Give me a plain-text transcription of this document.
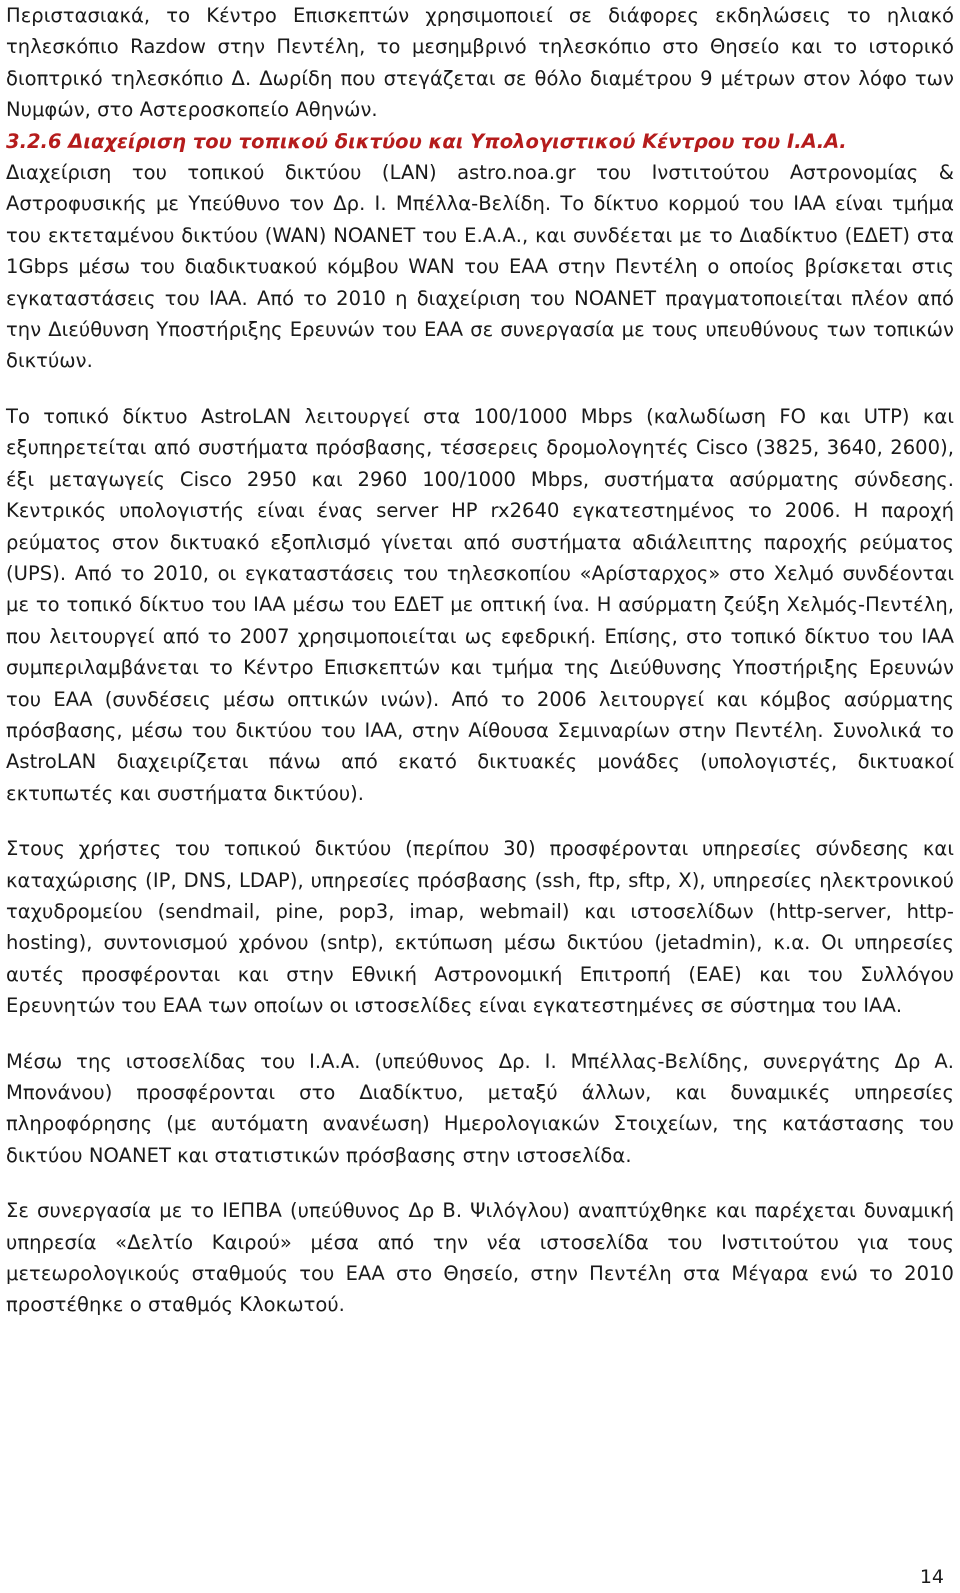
Περιστασιακά, το Κέντρο Επισκεπτών χρησιμοποιεί σε διάφορες εκδηλώσεις το ηλιακό τηλεσκόπιο Razdow στην Πεντέλη, το μεσημβρινό τηλεσκόπιο στο Θησείο και το ιστορικό διοπτρικό τηλεσκόπιο Δ. Δωρίδη που στεγάζεται σε θόλο διαμέτρου 9 μέτρων στον λόφο των Νυμφών, στο Αστεροσκοπείο Αθηνών.

3.2.6 Διαχείριση του τοπικού δικτύου και Υπολογιστικού Κέντρου του Ι.Α.Α.

Διαχείριση του τοπικού δικτύου (LAN) astro.noa.gr του Ινστιτούτου Αστρονομίας & Αστροφυσικής με Υπεύθυνο τον Δρ. Ι. Μπέλλα-Βελίδη. Το δίκτυο κορμού του ΙΑΑ είναι τμήμα του εκτεταμένου δικτύου (WAN) NOANET του Ε.Α.Α., και συνδέεται με το Διαδίκτυο (ΕΔΕΤ) στα 1Gbps μέσω του διαδικτυακού κόμβου WAN του ΕΑΑ στην Πεντέλη ο οποίος βρίσκεται στις εγκαταστάσεις του ΙΑΑ. Από το 2010 η διαχείριση του NOANET πραγματοποιείται πλέον από την Διεύθυνση Υποστήριξης Ερευνών του ΕΑΑ σε συνεργασία με τους υπευθύνους των τοπικών δικτύων.

Το τοπικό δίκτυο AstroLAN λειτουργεί στα 100/1000 Mbps (καλωδίωση FO και UTP) και εξυπηρετείται από συστήματα πρόσβασης, τέσσερεις δρομολογητές Cisco (3825, 3640, 2600), έξι μεταγωγείς Cisco 2950 και 2960 100/1000 Mbps, συστήματα ασύρματης σύνδεσης. Κεντρικός υπολογιστής είναι ένας server HP rx2640 εγκατεστημένος το 2006. Η παροχή ρεύματος στον δικτυακό εξοπλισμό γίνεται από συστήματα αδιάλειπτης παροχής ρεύματος (UPS). Από το 2010, οι εγκαταστάσεις του τηλεσκοπίου «Αρίσταρχος» στο Χελμό συνδέονται με το τοπικό δίκτυο του ΙΑΑ μέσω του ΕΔΕΤ με οπτική ίνα. Η ασύρματη ζεύξη Χελμός-Πεντέλη, που λειτουργεί από το 2007 χρησιμοποιείται ως εφεδρική. Επίσης, στο τοπικό δίκτυο του ΙΑΑ συμπεριλαμβάνεται το Κέντρο Επισκεπτών και τμήμα της Διεύθυνσης Υποστήριξης Ερευνών του ΕΑΑ (συνδέσεις μέσω οπτικών ινών). Από το 2006 λειτουργεί και κόμβος ασύρματης πρόσβασης, μέσω του δικτύου του ΙΑΑ, στην Αίθουσα Σεμιναρίων στην Πεντέλη. Συνολικά το AstroLAN διαχειρίζεται πάνω από εκατό δικτυακές μονάδες (υπολογιστές, δικτυακοί εκτυπωτές και συστήματα δικτύου).

Στους χρήστες του τοπικού δικτύου (περίπου 30) προσφέρονται υπηρεσίες σύνδεσης και καταχώρισης (IP, DNS, LDAP), υπηρεσίες πρόσβασης (ssh, ftp, sftp, X), υπηρεσίες ηλεκτρονικού ταχυδρομείου (sendmail, pine, pop3, imap, webmail) και ιστοσελίδων (http-server, http-hosting), συντονισμού χρόνου (sntp), εκτύπωση μέσω δικτύου (jetadmin), κ.α. Οι υπηρεσίες αυτές προσφέρονται και στην Εθνική Αστρονομική Επιτροπή (ΕΑΕ) και του Συλλόγου Ερευνητών του ΕΑΑ των οποίων οι ιστοσελίδες είναι εγκατεστημένες σε σύστημα του ΙΑΑ.

Μέσω της ιστοσελίδας του Ι.Α.Α. (υπεύθυνος Δρ. Ι. Μπέλλας-Βελίδης, συνεργάτης Δρ Α. Μπονάνου) προσφέρονται στο Διαδίκτυο, μεταξύ άλλων, και δυναμικές υπηρεσίες πληροφόρησης (με αυτόματη ανανέωση) Ημερολογιακών Στοιχείων, της κατάστασης του δικτύου NOANET και στατιστικών πρόσβασης στην ιστοσελίδα.

Σε συνεργασία με το ΙΕΠΒΑ (υπεύθυνος Δρ Β. Ψιλόγλου) αναπτύχθηκε και παρέχεται δυναμική υπηρεσία «Δελτίο Καιρού» μέσα από την νέα ιστοσελίδα του Ινστιτούτου για τους μετεωρολογικούς σταθμούς του ΕΑΑ στο Θησείο, στην Πεντέλη στα Μέγαρα ενώ το 2010 προστέθηκε ο σταθμός Κλοκωτού.

14
